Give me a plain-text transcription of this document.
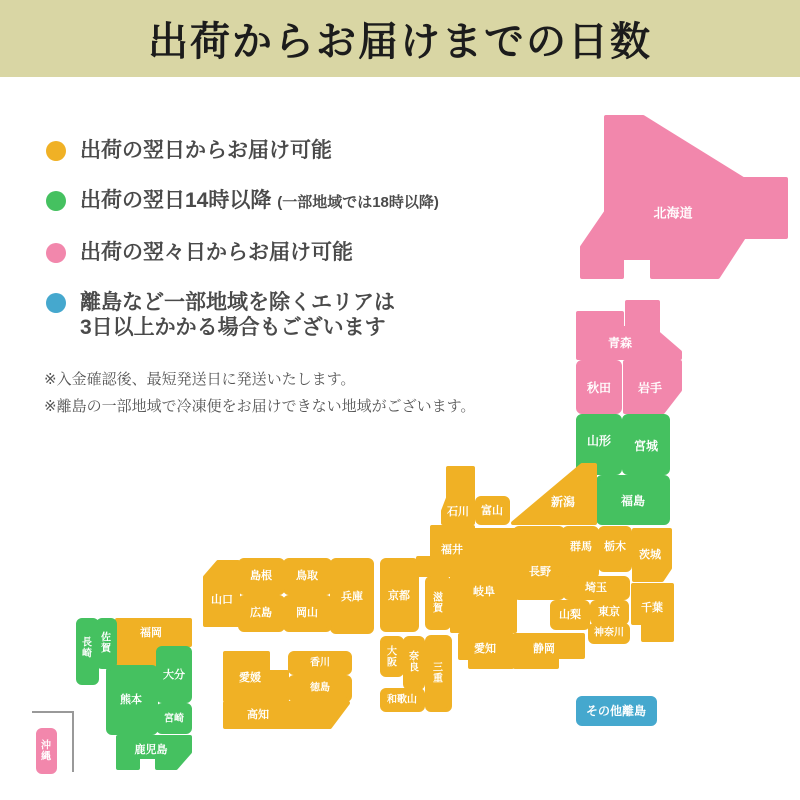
出荷からお届けまでの日数
出荷の翌日からお届け可能
出荷の翌日14時以降 (一部地域では18時以降)
出荷の翌々日からお届け可能
離島など一部地域を除くエリアは
3日以上かかる場合もございます
※入金確認後、最短発送日に発送いたします。
※離島の一部地域で冷凍便をお届けできない地域がございます。
北海道
青森
秋田 岩手
山形 宮城
福島
新潟
石川 富山
長野
群馬 栃木
茨城
埼玉
千葉
東京
神奈川
山梨
福井
岐阜
静岡
愛知
滋賀
京都
兵庫
大阪
奈良 三重
和歌山
鳥取
島根
岡山
広島
山口
香川
徳島
愛媛
高知
福岡
佐賀
長崎
熊本
大分
宮崎
鹿児島
沖縄
その他離島
